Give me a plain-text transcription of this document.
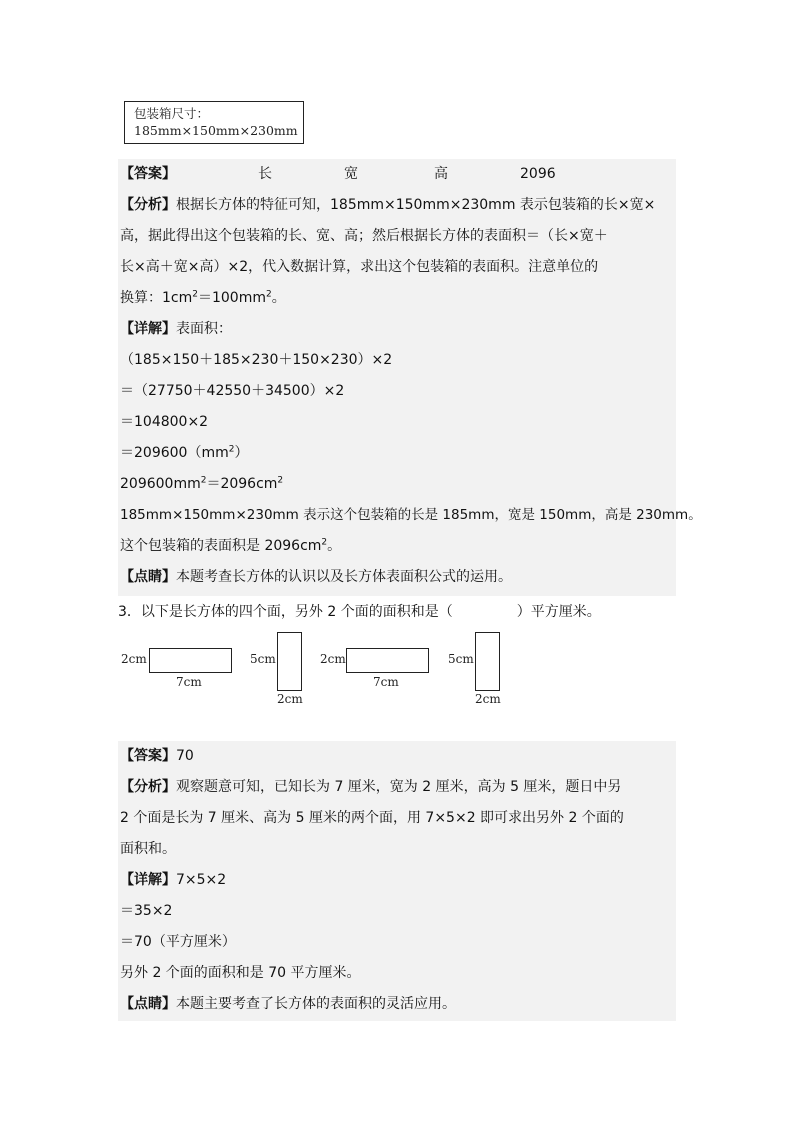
包装箱尺寸：
185mm×150mm×230mm
【答案】	长	宽	高	2096
【分析】根据长方体的特征可知，185mm×150mm×230mm 表示包装箱的长×宽×
高，据此得出这个包装箱的长、宽、高；然后根据长方体的表面积＝（长×宽＋
长×高＋宽×高）×2，代入数据计算，求出这个包装箱的表面积。注意单位的
换算：$1cm^2=100mm^2$。
【详解】表面积：
（185×150＋185×230＋150×230）×2
＝（27750＋42550＋34500）×2
＝104800×2
$=209600(mm^2)$
$209600mm^2=2096cm^2$
185mm×150mm×230mm 表示这个包装箱的长是 185mm，宽是 150mm，高是 230mm。
这个包装箱的表面积是 $2096cm^2$。
【点睛】本题考查长方体的认识以及长方体表面积公式的运用。
3．以下是长方体的四个面，另外 2 个面的面积和是（	）平方厘米。
2cm
7cm
5cm
2cm
2cm
7cm
5cm
2cm
【答案】70
【分析】观察题意可知，已知长为 7 厘米，宽为 2 厘米，高为 5 厘米，题日中另
2 个面是长为 7 厘米、高为 5 厘米的两个面，用 7×5×2 即可求出另外 2 个面的
面积和。
【详解】7×5×2
＝35×2
＝70（平方厘米）
另外 2 个面的面积和是 70 平方厘米。
【点睛】本题主要考查了长方体的表面积的灵活应用。
